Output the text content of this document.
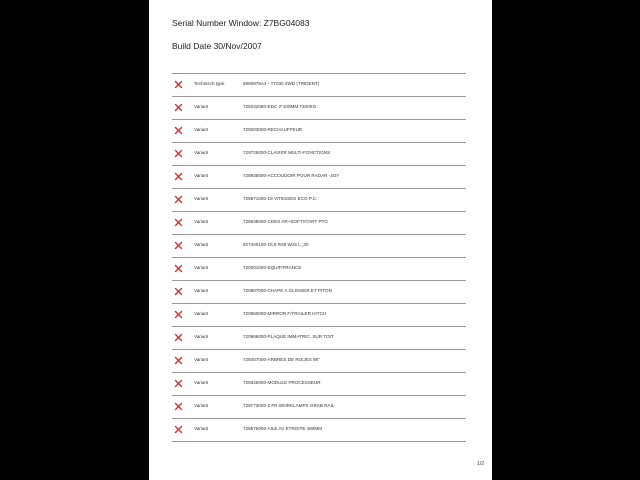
Serial Number Window: Z7BG04083
Build Date 30/Nov/2007
Technisch type	6960975А4 - T7030 4WD (TRIDENT)
Variant	728232050-EDC 2*100MM 7200KG
Variant	729203000-RECHAUFFEUR
Variant	729725000-CLAVIER MULTI-FONCTIONS
Variant	728935000-ACCOUDOIR POUR RADAR -JOY
Variant	729571000-19 VITESSES ECO P.C.
Variant	728838000-CDES AR+SOFTSTART PTO
Variant	827440100-16,9 R38 W15 L_30
Variant	720001000-EQUIP.FRANCE
Variant	720887000-CHAPE A GLISSIER.ET PITON
Variant	720960000-MIRROR F/TRAILER HITCH
Variant	720966000-PLAQUE IMMATRIC. SUR TOIT
Variant	728407000-ARBRES DE ROUES 98"
Variant	729345000-MODULE PROCESSEUR
Variant	729773000-2 FR.WORKLAMPS GRAB RAIL
Variant	728575000-AILE AV ETROITE 480MM
1/2
